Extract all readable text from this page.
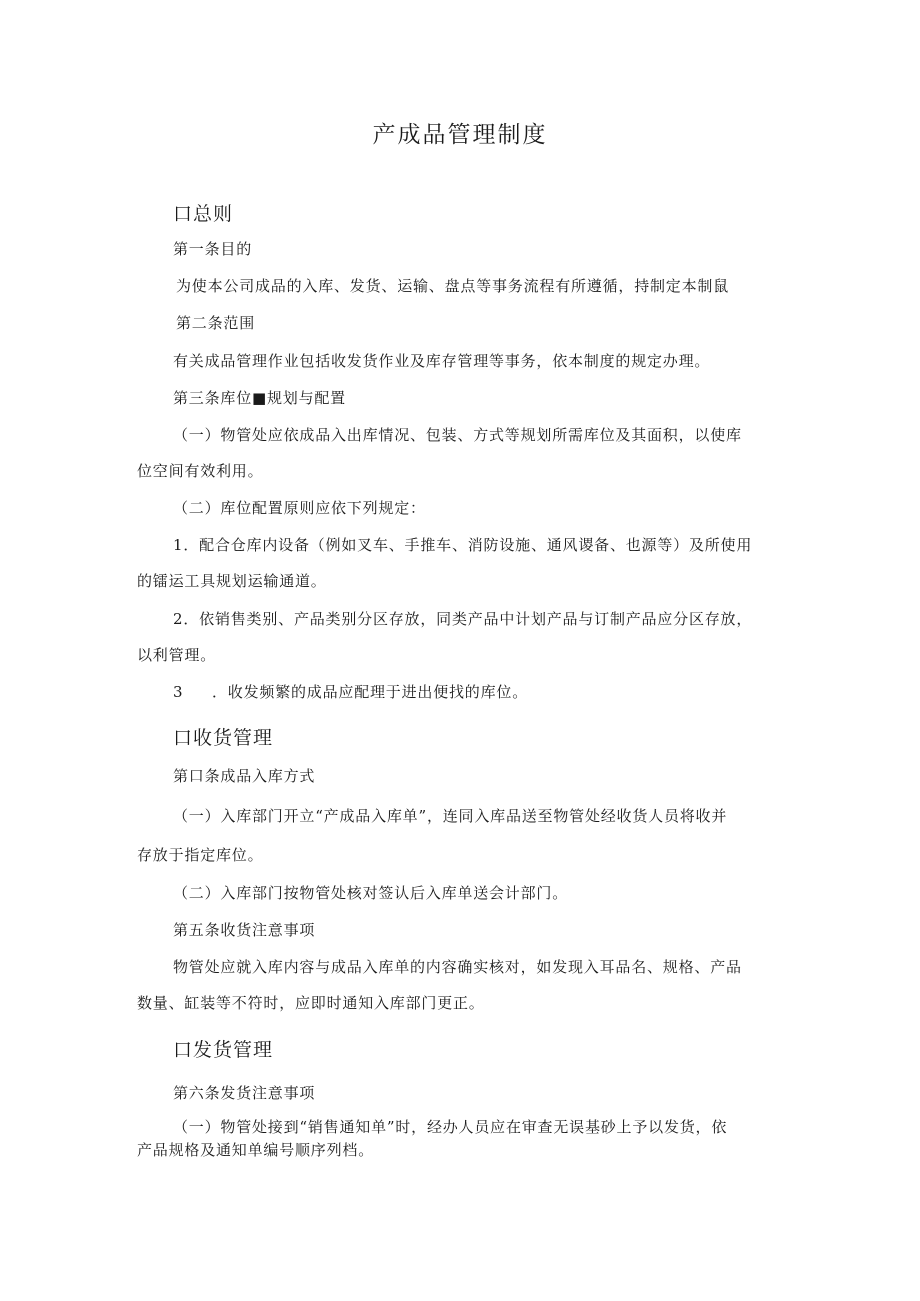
产成品管理制度
口总则
第一条目的
为使本公司成品的入库、发货、运输、盘点等事务流程有所遵循，持制定本制鼠
第二条范围
有关成品管理作业包括收发货作业及库存管理等事务，依本制度的规定办理。
第三条库位■规划与配置
（一）物管处应依成品入出库情况、包装、方式等规划所需库位及其面积，以使库
位空间有效利用。
（二）库位配置原则应依下列规定：
1．配合仓库内设备（例如叉车、手推车、消防设施、通风谡备、也源等）及所使用
的镭运工具规划运输通道。
2．依销售类别、产品类别分区存放，同类产品中计划产品与订制产品应分区存放，
以利管理。
3 ．收发频繁的成品应配理于进出便找的库位。
口收货管理
第口条成品入库方式
（一）入库部门开立“产成品入库单”，连同入库品送至物管处经收货人员将收并
存放于指定库位。
（二）入库部门按物管处核对签认后入库单送会计部门。
第五条收货注意事项
物管处应就入库内容与成品入库单的内容确实核对，如发现入耳品名、规格、产品
数量、缸装等不符时，应即时通知入库部门更正。
口发货管理
第六条发货注意事项
（一）物管处接到“销售通知单”时，经办人员应在审查无误基砂上予以发货，依
产品规格及通知单编号顺序列档。
